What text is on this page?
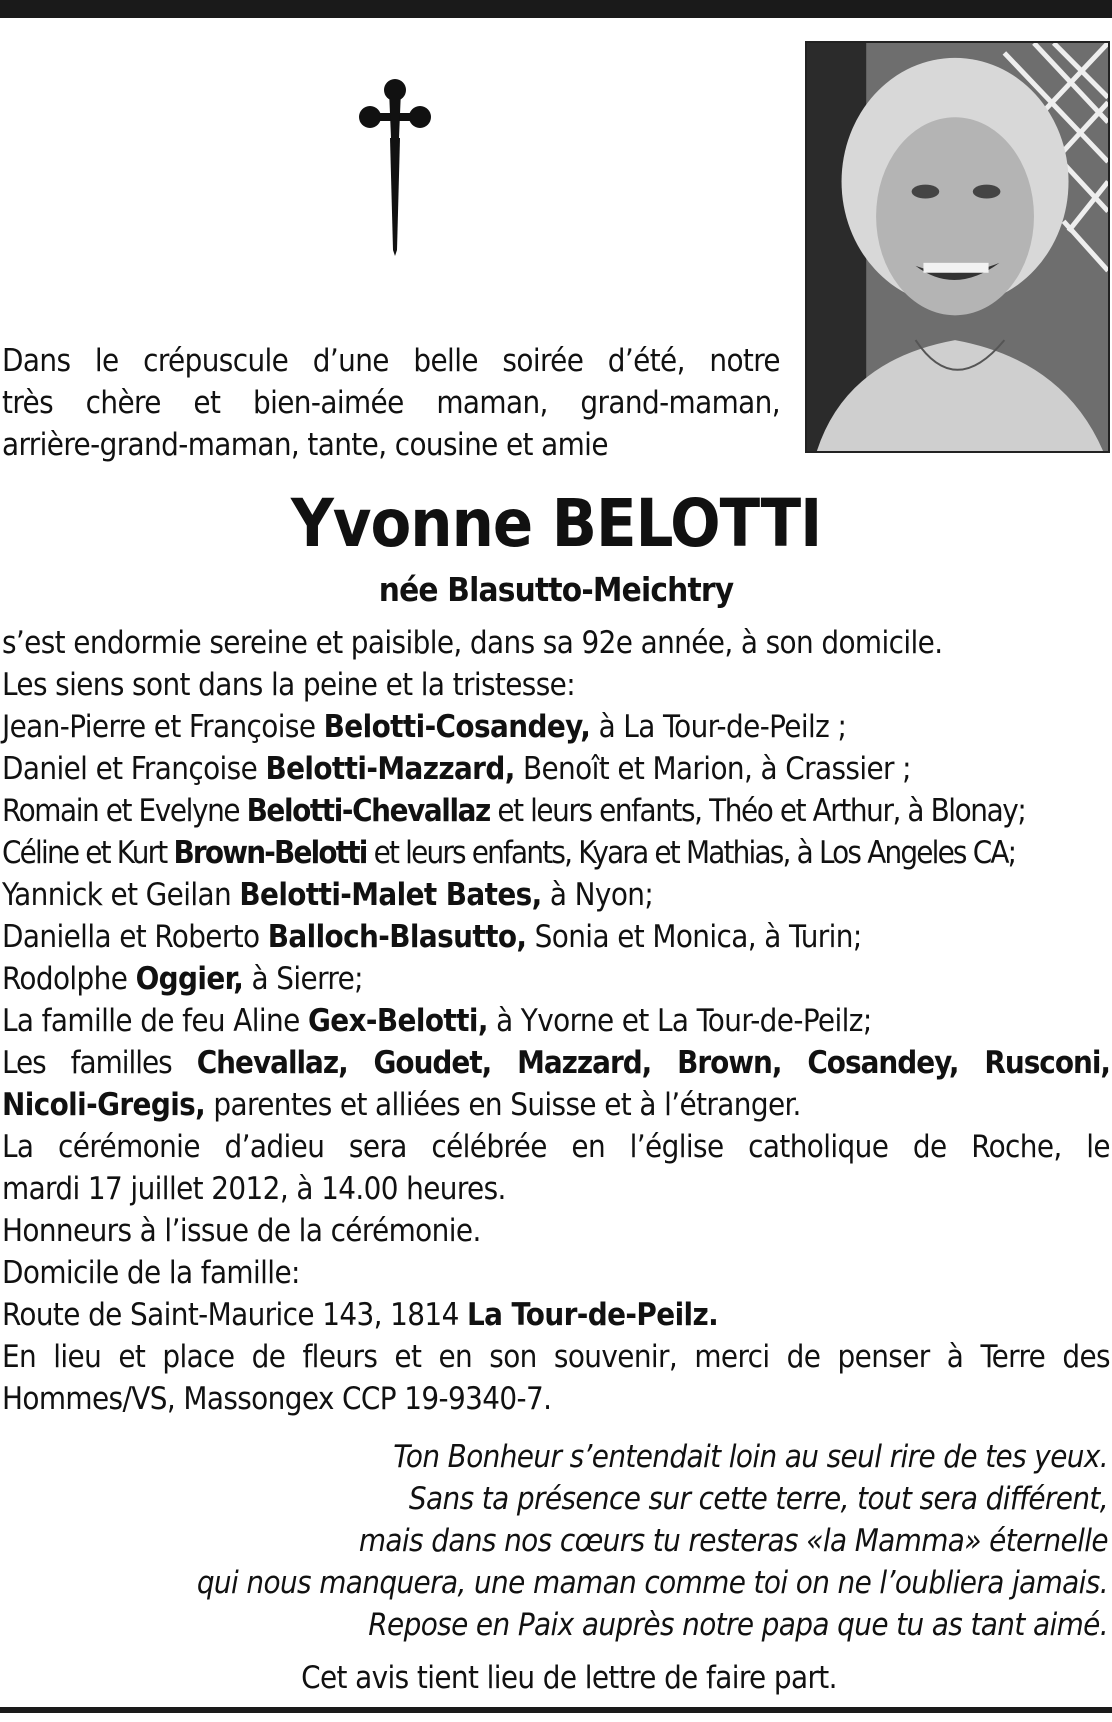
Dans le crépuscule d’une belle soirée d’été, notre

très chère et bien-aimée maman, grand-maman,

arrière-grand-maman, tante, cousine et amie

Yvonne BELOTTI
née Blasutto-Meichtry
s’est endormie sereine et paisible, dans sa 92e année, à son domicile.
Les siens sont dans la peine et la tristesse:
Jean-Pierre et Françoise Belotti-Cosandey, à La Tour-de-Peilz ;
Daniel et Françoise Belotti-Mazzard, Benoît et Marion, à Crassier ;
Romain et Evelyne Belotti-Chevallaz et leurs enfants, Théo et Arthur, à Blonay;
Céline et Kurt Brown-Belotti et leurs enfants, Kyara et Mathias, à Los Angeles CA;
Yannick et Geilan Belotti-Malet Bates, à Nyon;
Daniella et Roberto Balloch-Blasutto, Sonia et Monica, à Turin;
Rodolphe Oggier, à Sierre;
La famille de feu Aline Gex-Belotti, à Yvorne et La Tour-de-Peilz;
Les familles Chevallaz, Goudet, Mazzard, Brown, Cosandey, Rusconi,
Nicoli-Gregis, parentes et alliées en Suisse et à l’étranger.
La cérémonie d’adieu sera célébrée en l’église catholique de Roche, le
mardi 17 juillet 2012, à 14.00 heures.
Honneurs à l’issue de la cérémonie.
Domicile de la famille:
Route de Saint-Maurice 143, 1814 La Tour-de-Peilz.
En lieu et place de fleurs et en son souvenir, merci de penser à Terre des
Hommes/VS, Massongex CCP 19-9340-7.
Ton Bonheur s’entendait loin au seul rire de tes yeux.
Sans ta présence sur cette terre, tout sera différent,
mais dans nos cœurs tu resteras «la Mamma» éternelle
qui nous manquera, une maman comme toi on ne l’oubliera jamais.
Repose en Paix auprès notre papa que tu as tant aimé.
Cet avis tient lieu de lettre de faire part.
